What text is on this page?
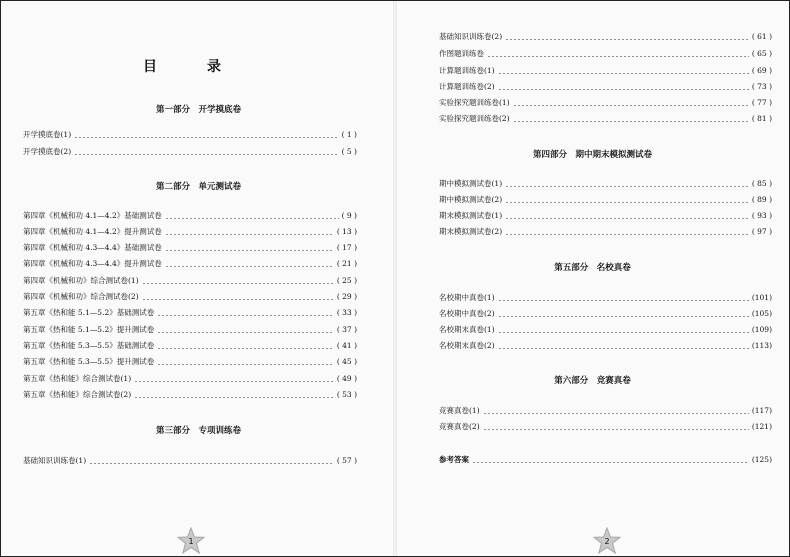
目　录
第一部分　开学摸底卷
开学摸底卷(1)	( 1 )
开学摸底卷(2)	( 5 )
第二部分　单元测试卷
第四章《机械和功 4.1—4.2》基础测试卷	( 9 )
第四章《机械和功 4.1—4.2》提升测试卷	( 13 )
第四章《机械和功 4.3—4.4》基础测试卷	( 17 )
第四章《机械和功 4.3—4.4》提升测试卷	( 21 )
第四章《机械和功》综合测试卷(1)	( 25 )
第四章《机械和功》综合测试卷(2)	( 29 )
第五章《热和能 5.1—5.2》基础测试卷	( 33 )
第五章《热和能 5.1—5.2》提升测试卷	( 37 )
第五章《热和能 5.3—5.5》基础测试卷	( 41 )
第五章《热和能 5.3—5.5》提升测试卷	( 45 )
第五章《热和能》综合测试卷(1)	( 49 )
第五章《热和能》综合测试卷(2)	( 53 )
第三部分　专项训练卷
基础知识训练卷(1)	( 57 )
1
基础知识训练卷(2)	( 61 )
作图题训练卷	( 65 )
计算题训练卷(1)	( 69 )
计算题训练卷(2)	( 73 )
实验探究题训练卷(1)	( 77 )
实验探究题训练卷(2)	( 81 )
第四部分　期中期末模拟测试卷
期中模拟测试卷(1)	( 85 )
期中模拟测试卷(2)	( 89 )
期末模拟测试卷(1)	( 93 )
期末模拟测试卷(2)	( 97 )
第五部分　名校真卷
名校期中真卷(1)	(101)
名校期中真卷(2)	(105)
名校期末真卷(1)	(109)
名校期末真卷(2)	(113)
第六部分　竞赛真卷
竞赛真卷(1)	(117)
竞赛真卷(2)	(121)
参考答案	(125)
2
